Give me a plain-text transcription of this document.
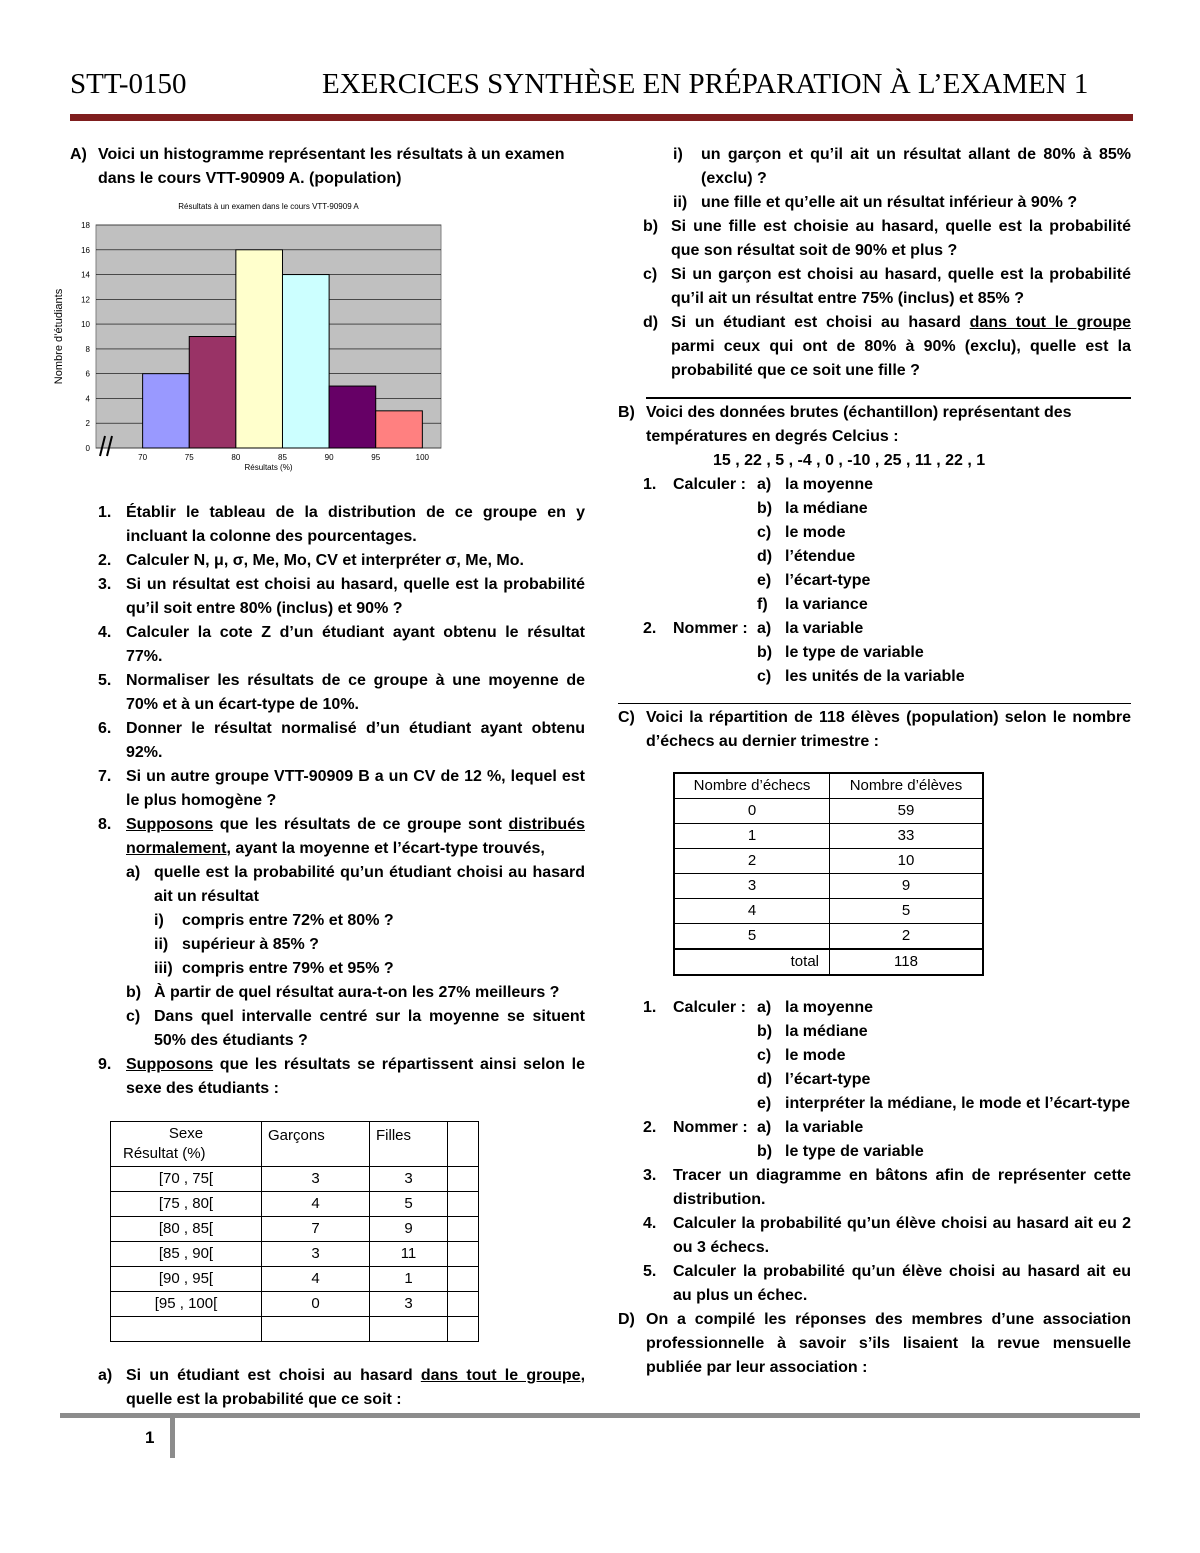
STT-0150	EXERCICES SYNTHÈSE EN PRÉPARATION À L’EXAMEN 1
A) Voici un histogramme représentant les résultats à un examen dans le cours VTT-90909 A. (population)
0
2
4
6
8
10
12
14
16
18
70	75	80	85	90	95	100
Résultats à un examen dans le cours VTT-90909 A
Résultats (%)
Nombre d’étudiants
1. Établir le tableau de la distribution de ce groupe en y incluant la colonne des pourcentages.
2. Calculer N, μ, σ, Me, Mo, CV et interpréter σ, Me, Mo.
3. Si un résultat est choisi au hasard, quelle est la probabilité qu’il soit entre 80% (inclus) et 90% ?
4. Calculer la cote Z d’un étudiant ayant obtenu le résultat 77%.
5. Normaliser les résultats de ce groupe à une moyenne de 70% et à un écart-type de 10%.
6. Donner le résultat normalisé d’un étudiant ayant obtenu 92%.
7. Si un autre groupe VTT-90909 B a un CV de 12 %, lequel est le plus homogène ?
8. Supposons que les résultats de ce groupe sont distribués normalement, ayant la moyenne et l’écart-type trouvés,
a) quelle est la probabilité qu’un étudiant choisi au hasard ait un résultat
i)	compris entre 72% et 80% ?
ii) supérieur à 85% ?
iii) compris entre 79% et 95% ?
b) À partir de quel résultat aura-t-on les 27% meilleurs ?
c) Dans quel intervalle centré sur la moyenne se situent 50% des étudiants ?
9. Supposons que les résultats se répartissent ainsi selon le sexe des étudiants :
Sexe
Résultat (%)	Garçons	Filles	
[70 , 75[	3	3	
[75 , 80[	4	5	
[80 , 85[	7	9	
[85 , 90[	3	11	
[90 , 95[	4	1	
[95 , 100[	0	3	

a) Si un étudiant est choisi au hasard dans tout le groupe, quelle est la probabilité que ce soit :
i)	un garçon et qu’il ait un résultat allant de 80% à 85% (exclu) ?
ii) une fille et qu’elle ait un résultat inférieur à 90% ?
b) Si une fille est choisie au hasard, quelle est la probabilité que son résultat soit de 90% et plus ?
c) Si un garçon est choisi au hasard, quelle est la probabilité qu’il ait un résultat entre 75% (inclus) et 85% ?
d) Si un étudiant est choisi au hasard dans tout le groupe parmi ceux qui ont de 80% à 90% (exclu), quelle est la probabilité que ce soit une fille ?
B) Voici des données brutes (échantillon) représentant des températures en degrés Celcius :
15 , 22 , 5 , -4 , 0 , -10 , 25 , 11 , 22 , 1
1.	Calculer : a) la moyenne
b) la médiane
c) le mode
d) l’étendue
e) l’écart-type
f)	la variance
2.	Nommer : a) la variable
b) le type de variable
c) les unités de la variable
C) Voici la répartition de 118 élèves (population) selon le nombre d’échecs au dernier trimestre :
Nombre d’échecs	Nombre d’élèves
0	59
1	33
2	10
3	9
4	5
5	2
total	118
1.	Calculer : a) la moyenne
b) la médiane
c) le mode
d) l’écart-type
e) interpréter la médiane, le mode et l’écart-type
2.	Nommer : a) la variable
b) le type de variable
3.	Tracer un diagramme en bâtons afin de représenter cette distribution.
4.	Calculer la probabilité qu’un élève choisi au hasard ait eu 2 ou 3 échecs.
5.	Calculer la probabilité qu’un élève choisi au hasard ait eu au plus un échec.
D) On a compilé les réponses des membres d’une association professionnelle à savoir s’ils lisaient la revue mensuelle publiée par leur association :
1
